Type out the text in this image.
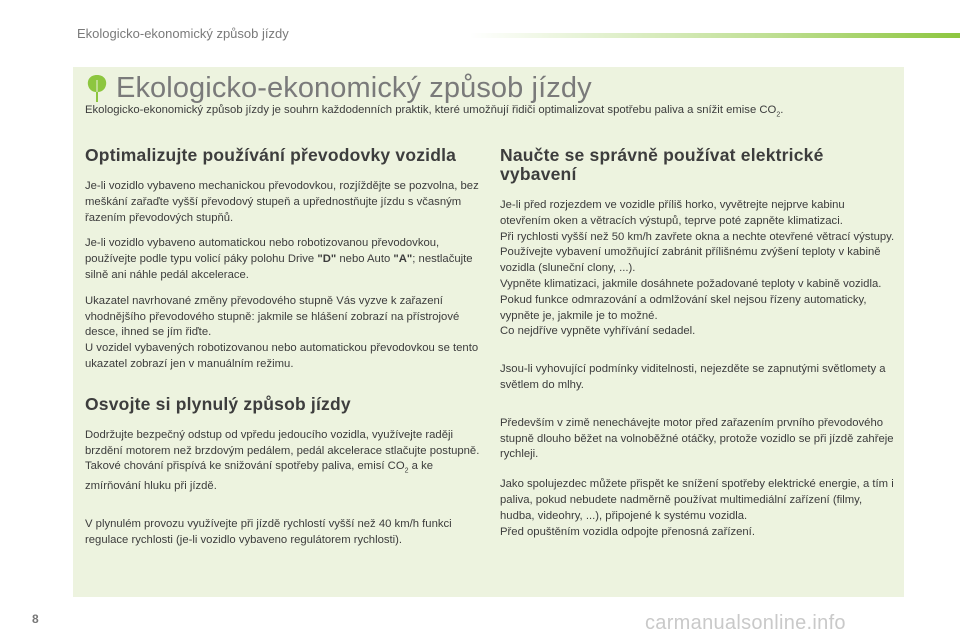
Ekologicko-ekonomický způsob jízdy
Ekologicko-ekonomický způsob jízdy
Ekologicko-ekonomický způsob jízdy je souhrn každodenních praktik, které umožňují řidiči optimalizovat spotřebu paliva a snížit emise $CO_2$.
Optimalizujte používání převodovky vozidla

Je-li vozidlo vybaveno mechanickou převodovkou, rozjíždějte se pozvolna, bez meškání zařaďte vyšší převodový stupeň a upřednostňujte jízdu s včasným řazením převodových stupňů.

Je-li vozidlo vybaveno automatickou nebo robotizovanou převodovkou, používejte podle typu volicí páky polohu Drive "D" nebo Auto "A"; nestlačujte silně ani náhle pedál akcelerace.

Ukazatel navrhované změny převodového stupně Vás vyzve k zařazení vhodnějšího převodového stupně: jakmile se hlášení zobrazí na přístrojové desce, ihned se jím řiďte.

U vozidel vybavených robotizovanou nebo automatickou převodovkou se tento ukazatel zobrazí jen v manuálním režimu.

Osvojte si plynulý způsob jízdy

Dodržujte bezpečný odstup od vpředu jedoucího vozidla, využívejte raději brzdění motorem než brzdovým pedálem, pedál akcelerace stlačujte postupně. Takové chování přispívá ke snižování spotřeby paliva, emisí $CO_2$ a ke zmírňování hluku při jízdě.

V plynulém provozu využívejte při jízdě rychlostí vyšší než 40 km/h funkci regulace rychlosti (je-li vozidlo vybaveno regulátorem rychlosti).

Naučte se správně používat elektrické vybavení

Je-li před rozjezdem ve vozidle příliš horko, vyvětrejte nejprve kabinu otevřením oken a větracích výstupů, teprve poté zapněte klimatizaci.

Při rychlosti vyšší než 50 km/h zavřete okna a nechte otevřené větrací výstupy.

Používejte vybavení umožňující zabránit přílišnému zvýšení teploty v kabině vozidla (sluneční clony, ...).

Vypněte klimatizaci, jakmile dosáhnete požadované teploty v kabině vozidla.

Pokud funkce odmrazování a odmlžování skel nejsou řízeny automaticky, vypněte je, jakmile je to možné.

Co nejdříve vypněte vyhřívání sedadel.

Jsou-li vyhovující podmínky viditelnosti, nejezděte se zapnutými světlomety a světlem do mlhy.

Především v zimě nenechávejte motor před zařazením prvního převodového stupně dlouho běžet na volnoběžné otáčky, protože vozidlo se při jízdě zahřeje rychleji.

Jako spolujezdec můžete přispět ke snížení spotřeby elektrické energie, a tím i paliva, pokud nebudete nadměrně používat multimediální zařízení (filmy, hudba, videohry, ...), připojené k systému vozidla.

Před opuštěním vozidla odpojte přenosná zařízení.

8	carmanualsonline.info
